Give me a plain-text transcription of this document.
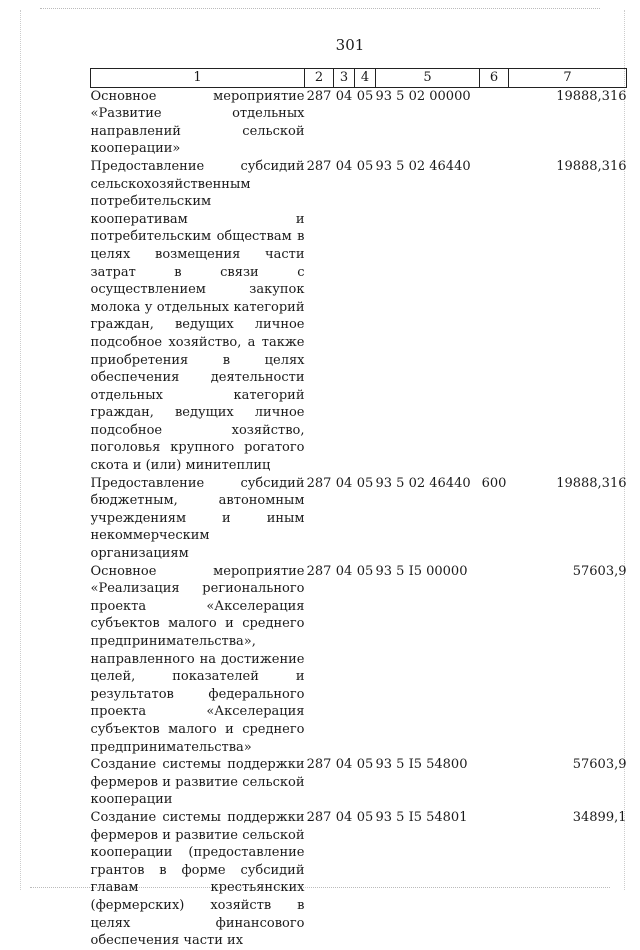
301
1	2	3	4	5	6	7
Основное мероприятие «Развитие отдельных направлений сельской кооперации»	287	04	05	93 5 02 00000		19888,316
Предоставление субсидий сельскохозяйственным потребительским кооперативам и потребительским обществам в целях возмещения части затрат в связи с осуществлением закупок молока у отдельных категорий граждан, ведущих личное подсобное хозяйство, а также приобретения в целях обеспечения деятельности отдельных категорий граждан, ведущих личное подсобное хозяйство, поголовья крупного рогатого скота и (или) минитеплиц	287	04	05	93 5 02 46440		19888,316
Предоставление субсидий бюджетным, автономным учреждениям и иным некоммерческим организациям	287	04	05	93 5 02 46440	600	19888,316
Основное мероприятие «Реализация регионального проекта «Акселерация субъектов малого и среднего предпринимательства», направленного на достижение целей, показателей и результатов федерального проекта «Акселерация субъектов малого и среднего предпринимательства»	287	04	05	93 5 I5 00000		57603,9
Создание системы поддержки фермеров и развитие сельской кооперации	287	04	05	93 5 I5 54800		57603,9
Создание системы поддержки фермеров и развитие сельской кооперации (предоставление грантов в форме субсидий главам крестьянских (фермерских) хозяйств в целях финансового обеспечения части их	287	04	05	93 5 I5 54801		34899,1
